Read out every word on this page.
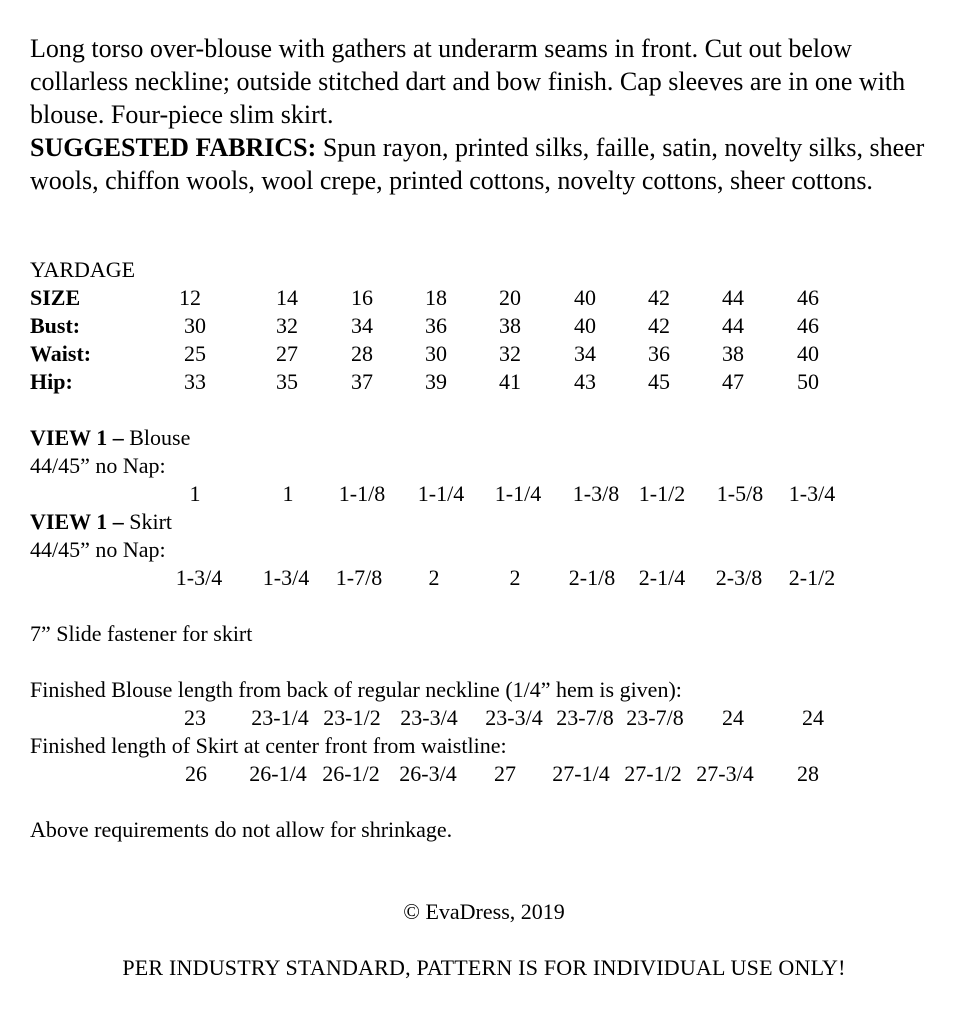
Long torso over-blouse with gathers at underarm seams in front. Cut out below collarless neckline; outside stitched dart and bow finish. Cap sleeves are in one with blouse. Four-piece slim skirt.

SUGGESTED FABRICS: Spun rayon, printed silks, faille, satin, novelty silks, sheer wools, chiffon wools, wool crepe, printed cottons, novelty cottons, sheer cottons.

YARDAGE
SIZE	12	14 16 18 20 40 42 44 46
Bust:	30	32 34 36 38 40 42 44 46
Waist:	25	27 28 30 32 34 36 38 40
Hip:	33	35 37 39 41 43 45 47 50
VIEW 1 – Blouse
44/45” no Nap:
1	1 1-1/8 1-1/4 1-1/4 1-3/8 1-1/2 1-5/8 1-3/4
VIEW 1 – Skirt
44/45” no Nap:
1-3/4 1-3/4 1-7/8 2	2 2-1/8 2-1/4 2-3/8 2-1/2
7” Slide fastener for skirt
Finished Blouse length from back of regular neckline (1/4” hem is given):
23 23-1/4 23-1/2 23-3/4 23-3/4 23-7/8 23-7/8 24	24
Finished length of Skirt at center front from waistline:
26 26-1/4 26-1/2 26-3/4 27 27-1/4 27-1/2 27-3/4 28
Above requirements do not allow for shrinkage.
© EvaDress, 2019
PER INDUSTRY STANDARD, PATTERN IS FOR INDIVIDUAL USE ONLY!
